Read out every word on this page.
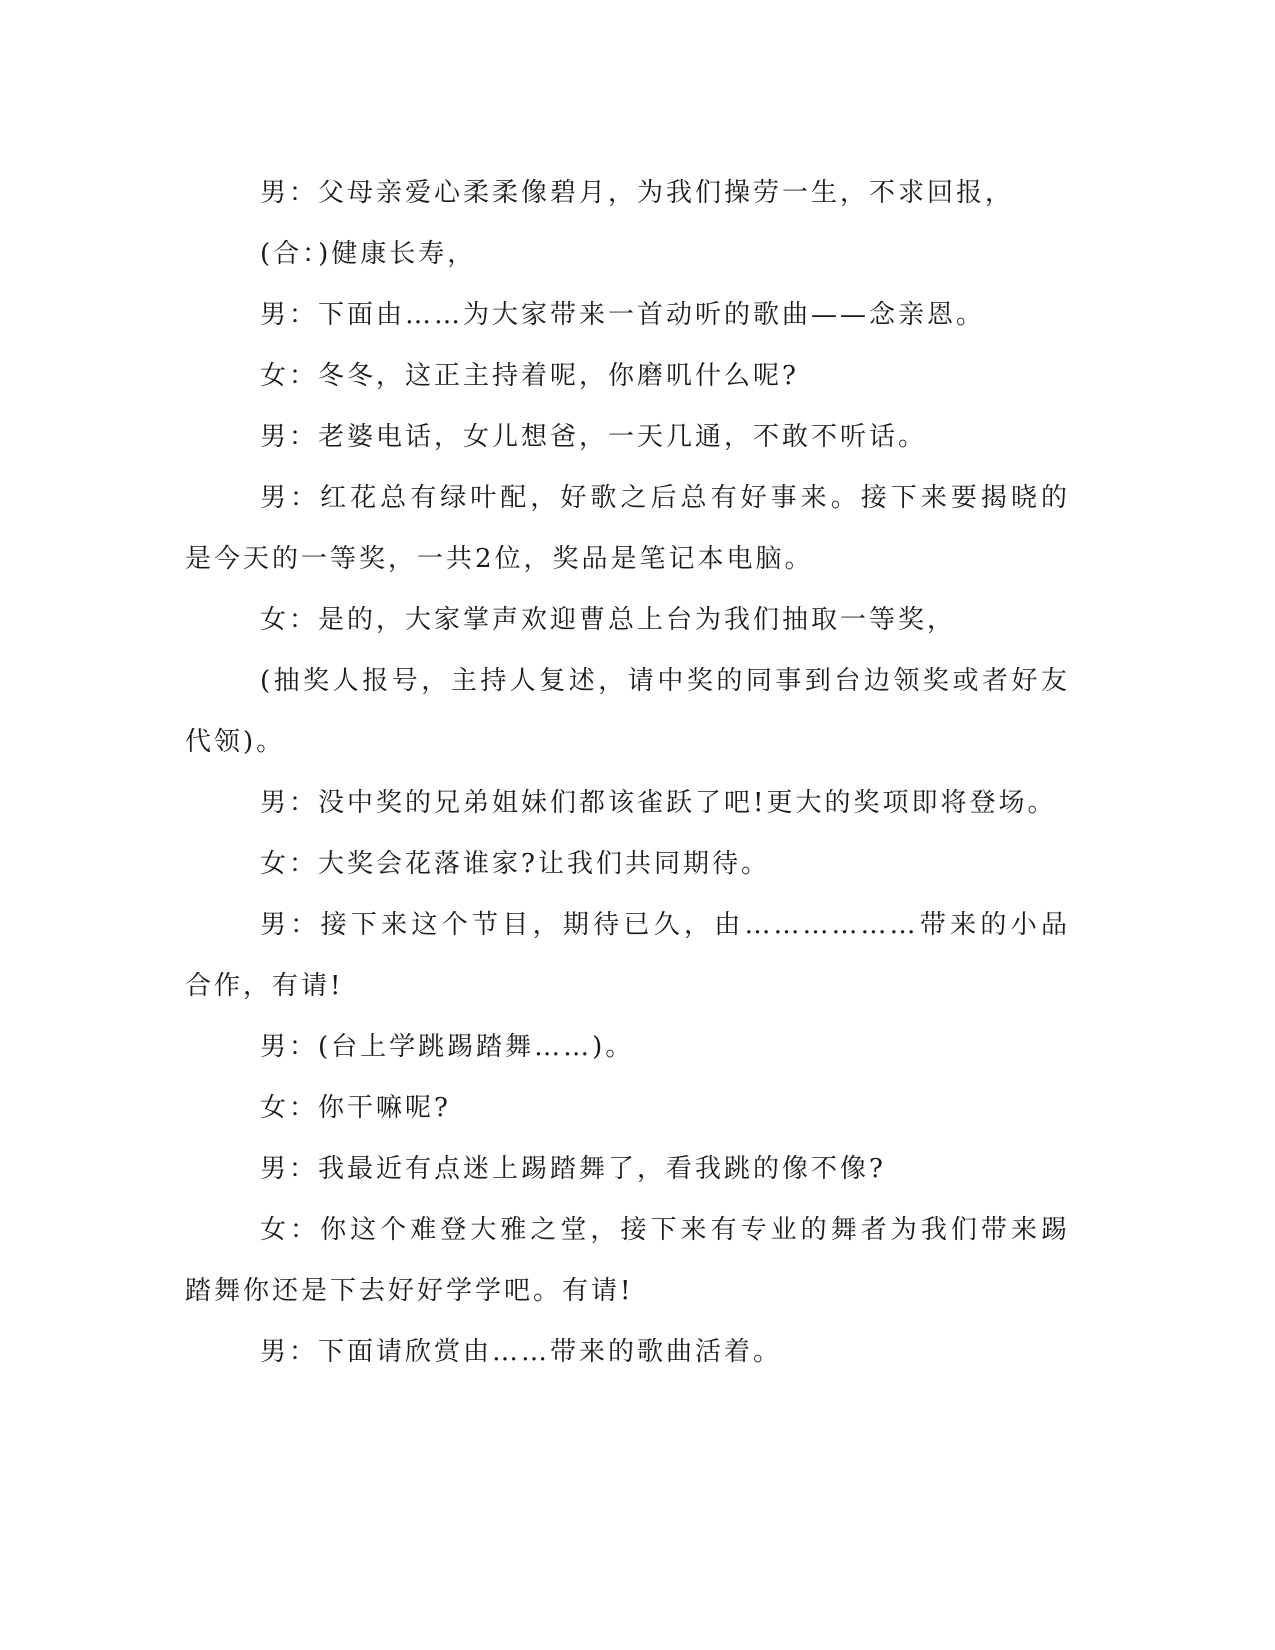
男：父母亲爱心柔柔像碧月，为我们操劳一生，不求回报，

(合：)健康长寿，

男：下面由……为大家带来一首动听的歌曲——念亲恩。

女：冬冬，这正主持着呢，你磨叽什么呢?

男：老婆电话，女儿想爸，一天几通，不敢不听话。

男：红花总有绿叶配，好歌之后总有好事来。接下来要揭晓的是今天的一等奖，一共2位，奖品是笔记本电脑。

女：是的，大家掌声欢迎曹总上台为我们抽取一等奖，

(抽奖人报号，主持人复述，请中奖的同事到台边领奖或者好友代领)。

男：没中奖的兄弟姐妹们都该雀跃了吧!更大的奖项即将登场。

女：大奖会花落谁家?让我们共同期待。

男：接下来这个节目，期待已久，由………………带来的小品合作，有请!

男：(台上学跳踢踏舞……)。

女：你干嘛呢?

男：我最近有点迷上踢踏舞了，看我跳的像不像?

女：你这个难登大雅之堂，接下来有专业的舞者为我们带来踢踏舞你还是下去好好学学吧。有请!

男：下面请欣赏由……带来的歌曲活着。
